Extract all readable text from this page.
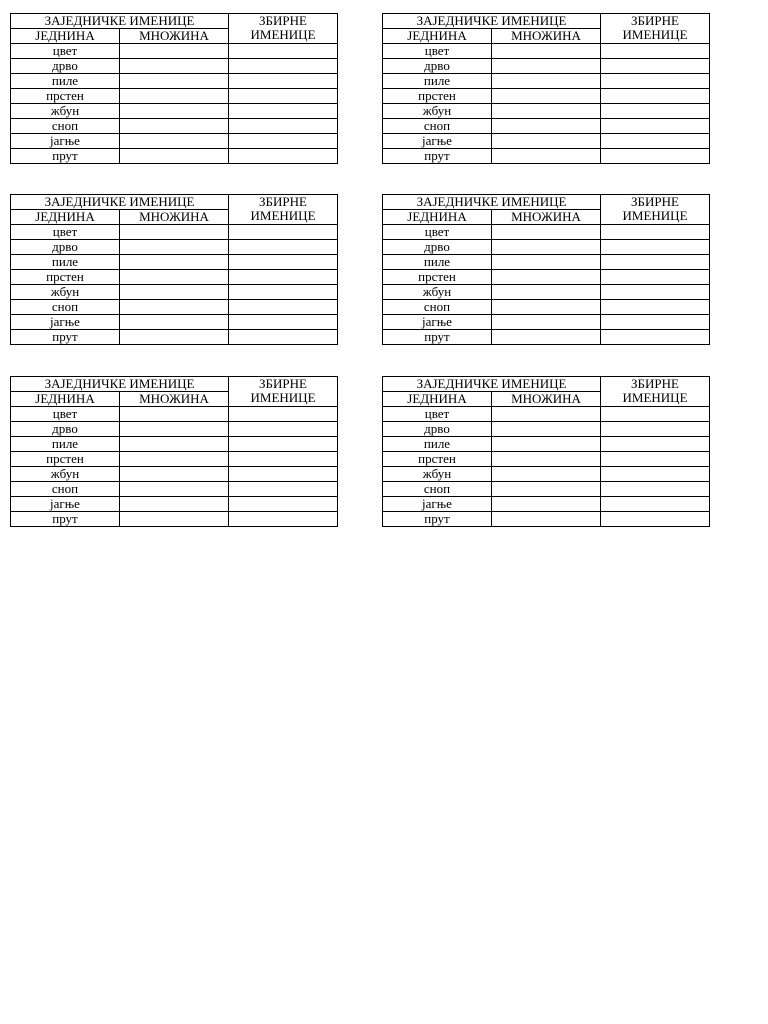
ЗАЈЕДНИЧКЕ ИМЕНИЦЕ		ЗБИРНЕ
ИМЕНИЦЕ
ЈЕДНИНА	МНОЖИНА	
цвет		
дрво		
пиле		
прстен		
жбун		
сноп		
јагње		
прут		
ЗАЈЕДНИЧКЕ ИМЕНИЦЕ		ЗБИРНЕ
ИМЕНИЦЕ
ЈЕДНИНА	МНОЖИНА	
цвет		
дрво		
пиле		
прстен		
жбун		
сноп		
јагње		
прут		
ЗАЈЕДНИЧКЕ ИМЕНИЦЕ		ЗБИРНЕ
ИМЕНИЦЕ
ЈЕДНИНА	МНОЖИНА	
цвет		
дрво		
пиле		
прстен		
жбун		
сноп		
јагње		
прут		
ЗАЈЕДНИЧКЕ ИМЕНИЦЕ		ЗБИРНЕ
ИМЕНИЦЕ
ЈЕДНИНА	МНОЖИНА	
цвет		
дрво		
пиле		
прстен		
жбун		
сноп		
јагње		
прут		
ЗАЈЕДНИЧКЕ ИМЕНИЦЕ		ЗБИРНЕ
ИМЕНИЦЕ
ЈЕДНИНА	МНОЖИНА	
цвет		
дрво		
пиле		
прстен		
жбун		
сноп		
јагње		
прут		
ЗАЈЕДНИЧКЕ ИМЕНИЦЕ		ЗБИРНЕ
ИМЕНИЦЕ
ЈЕДНИНА	МНОЖИНА	
цвет		
дрво		
пиле		
прстен		
жбун		
сноп		
јагње		
прут		
